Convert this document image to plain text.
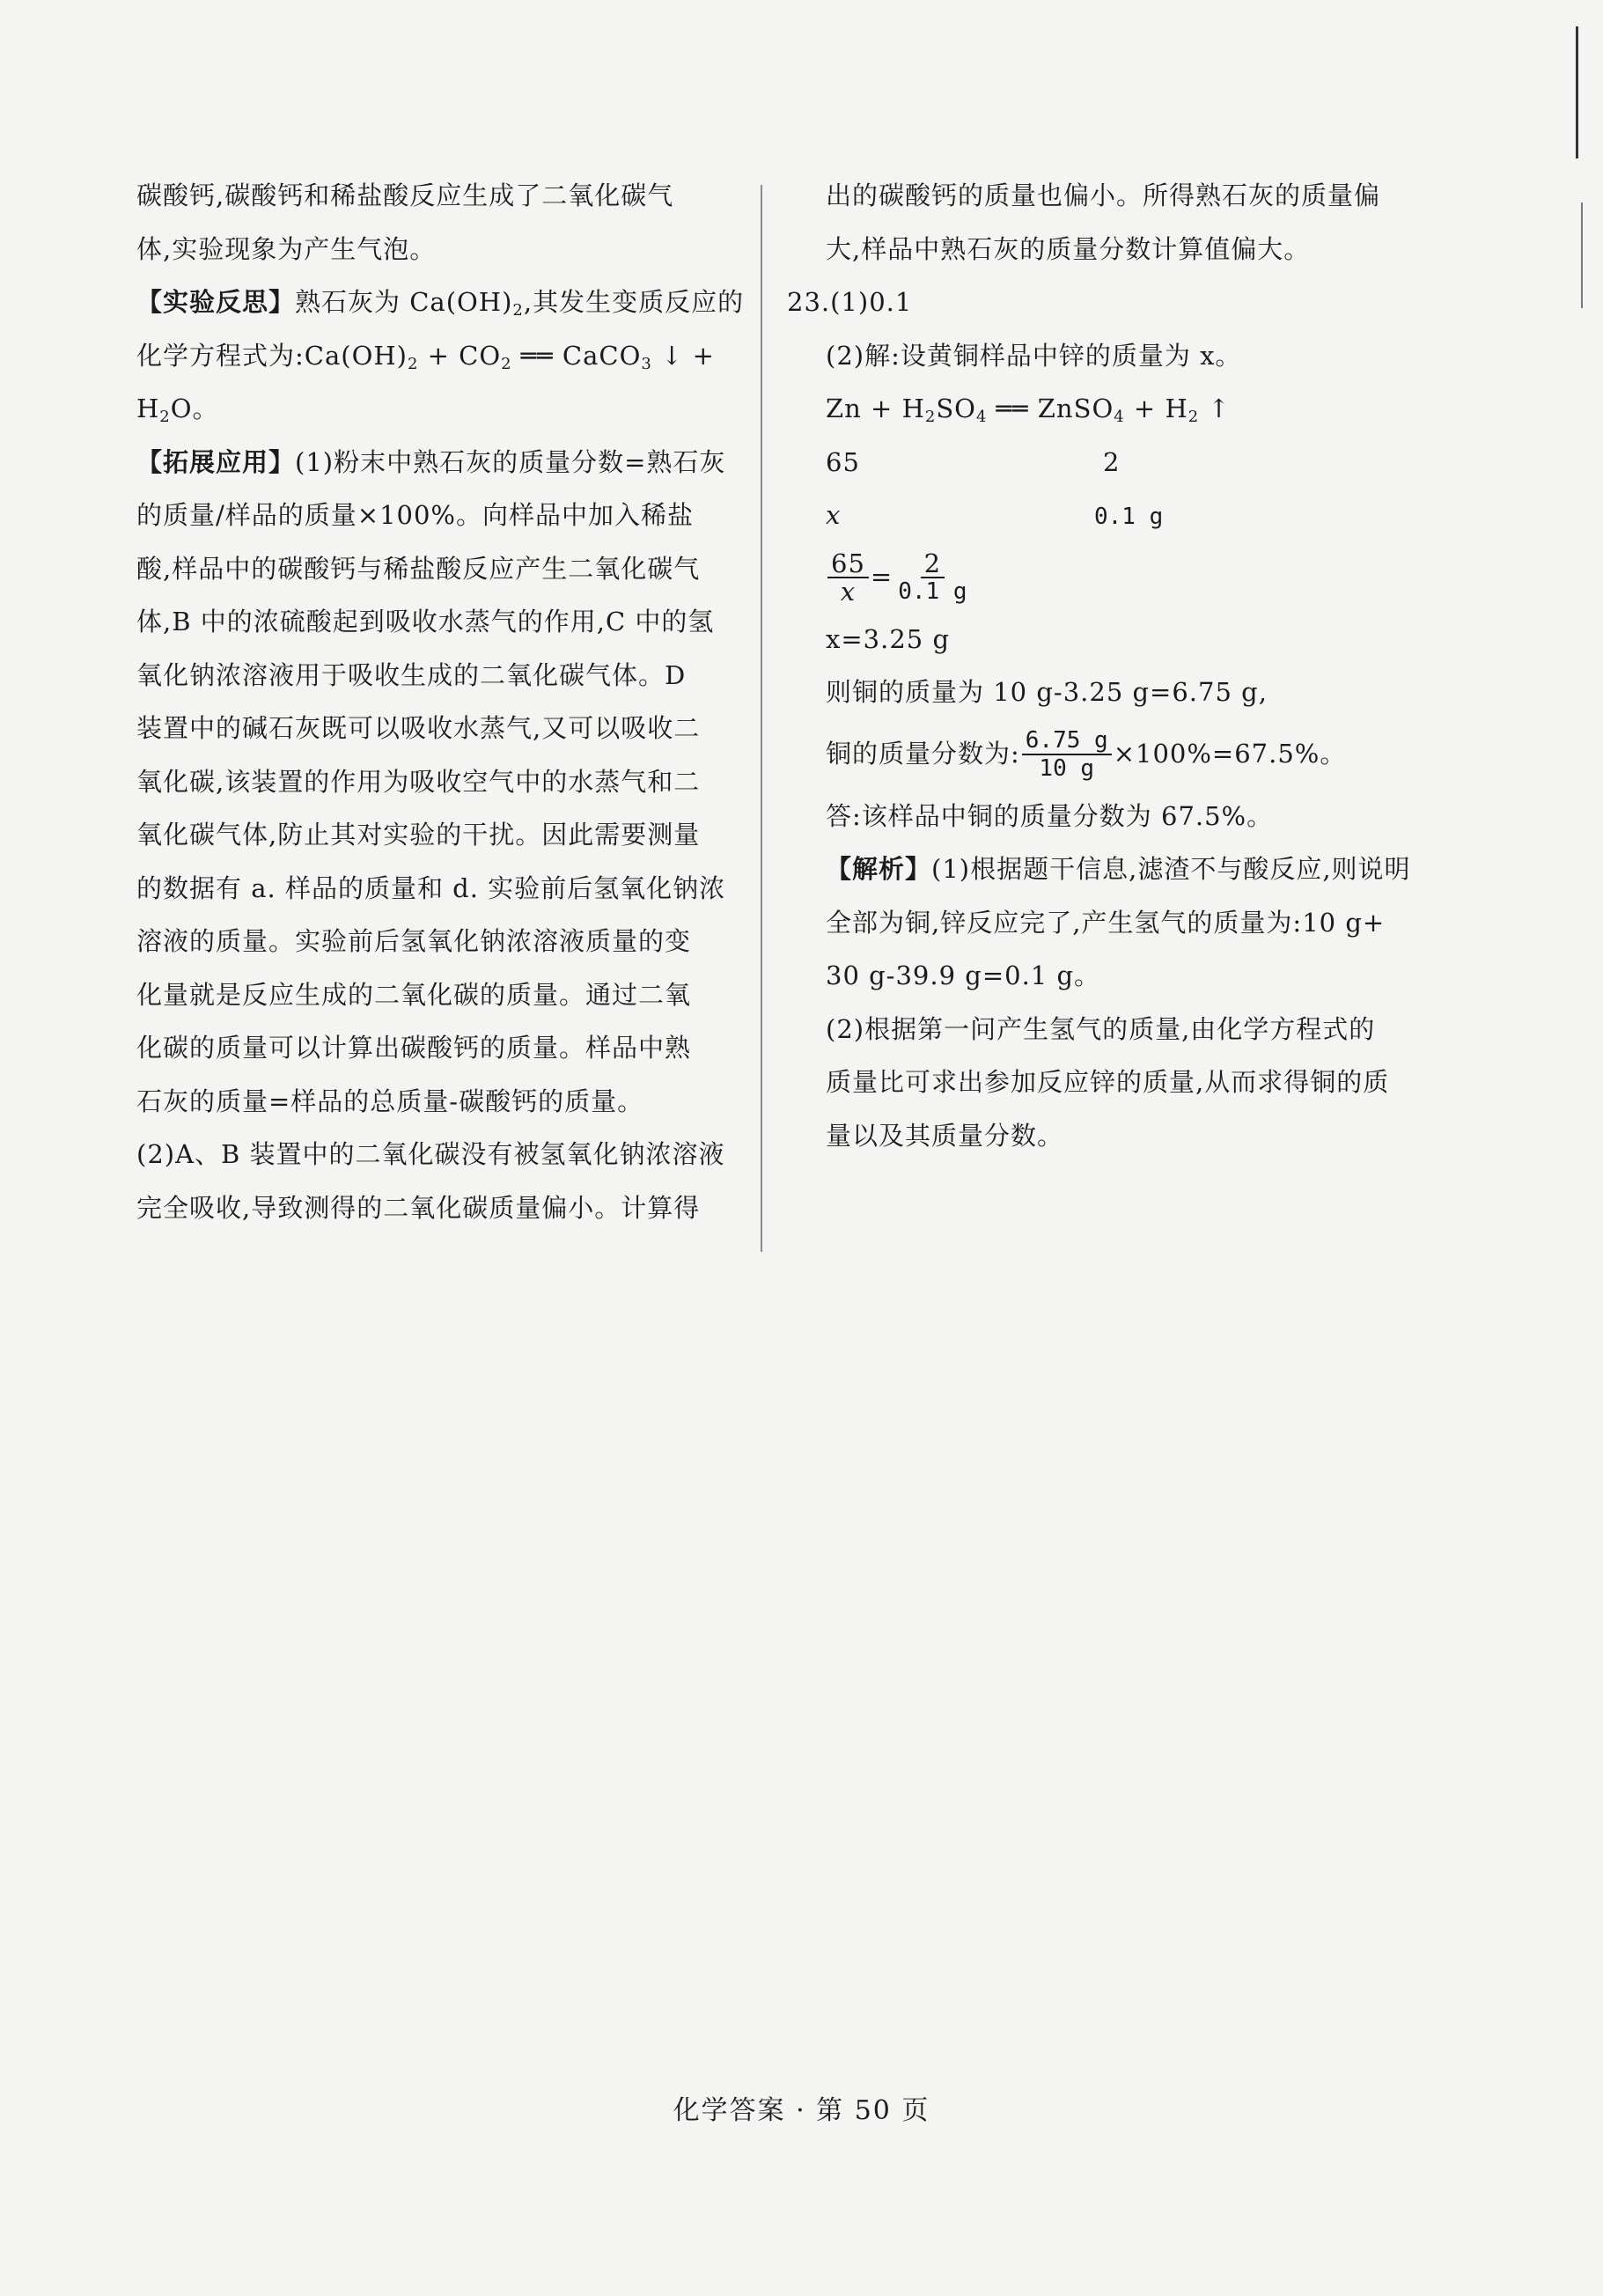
碳酸钙,碳酸钙和稀盐酸反应生成了二氧化碳气
体,实验现象为产生气泡。
【实验反思】熟石灰为 $Ca(OH)_2$,其发生变质反应的
化学方程式为$:Ca(OH)_2 + CO_2$ ══ CaCO$_3$ ↓ +
$H_2O$。
【拓展应用】(1)粉末中熟石灰的质量分数=熟石灰
的质量/样品的质量×100%。向样品中加入稀盐
酸,样品中的碳酸钙与稀盐酸反应产生二氧化碳气
体,B 中的浓硫酸起到吸收水蒸气的作用,C 中的氢
氧化钠浓溶液用于吸收生成的二氧化碳气体。D
装置中的碱石灰既可以吸收水蒸气,又可以吸收二
氧化碳,该装置的作用为吸收空气中的水蒸气和二
氧化碳气体,防止其对实验的干扰。因此需要测量
的数据有 a. 样品的质量和 d. 实验前后氢氧化钠浓
溶液的质量。实验前后氢氧化钠浓溶液质量的变
化量就是反应生成的二氧化碳的质量。通过二氧
化碳的质量可以计算出碳酸钙的质量。样品中熟
石灰的质量=样品的总质量-碳酸钙的质量。
(2)A、B 装置中的二氧化碳没有被氢氧化钠浓溶液
完全吸收,导致测得的二氧化碳质量偏小。计算得
出的碳酸钙的质量也偏小。所得熟石灰的质量偏
大,样品中熟石灰的质量分数计算值偏大。
23.(1)0.1
(2)解:设黄铜样品中锌的质量为 x。
$Zn + H_2SO_4$ ══ ZnSO$_4$ + $H_2$ ↑
65	2
x	0.1 g
$\frac{65}{x} = \frac{2}{0.1 g}$
x=3.25 g
则铜的质量为 10 g-3.25 g=6.75 g,
铜的质量分数为: $\frac{6.75 g}{10 g} \times 100\%=67.5\%$。
答:该样品中铜的质量分数为 67.5%。
【解析】(1)根据题干信息,滤渣不与酸反应,则说明
全部为铜,锌反应完了,产生氢气的质量为:10 g+
30 g-39.9 g=0.1 g。
(2)根据第一问产生氢气的质量,由化学方程式的
质量比可求出参加反应锌的质量,从而求得铜的质
量以及其质量分数。
化学答案 · 第 50 页
